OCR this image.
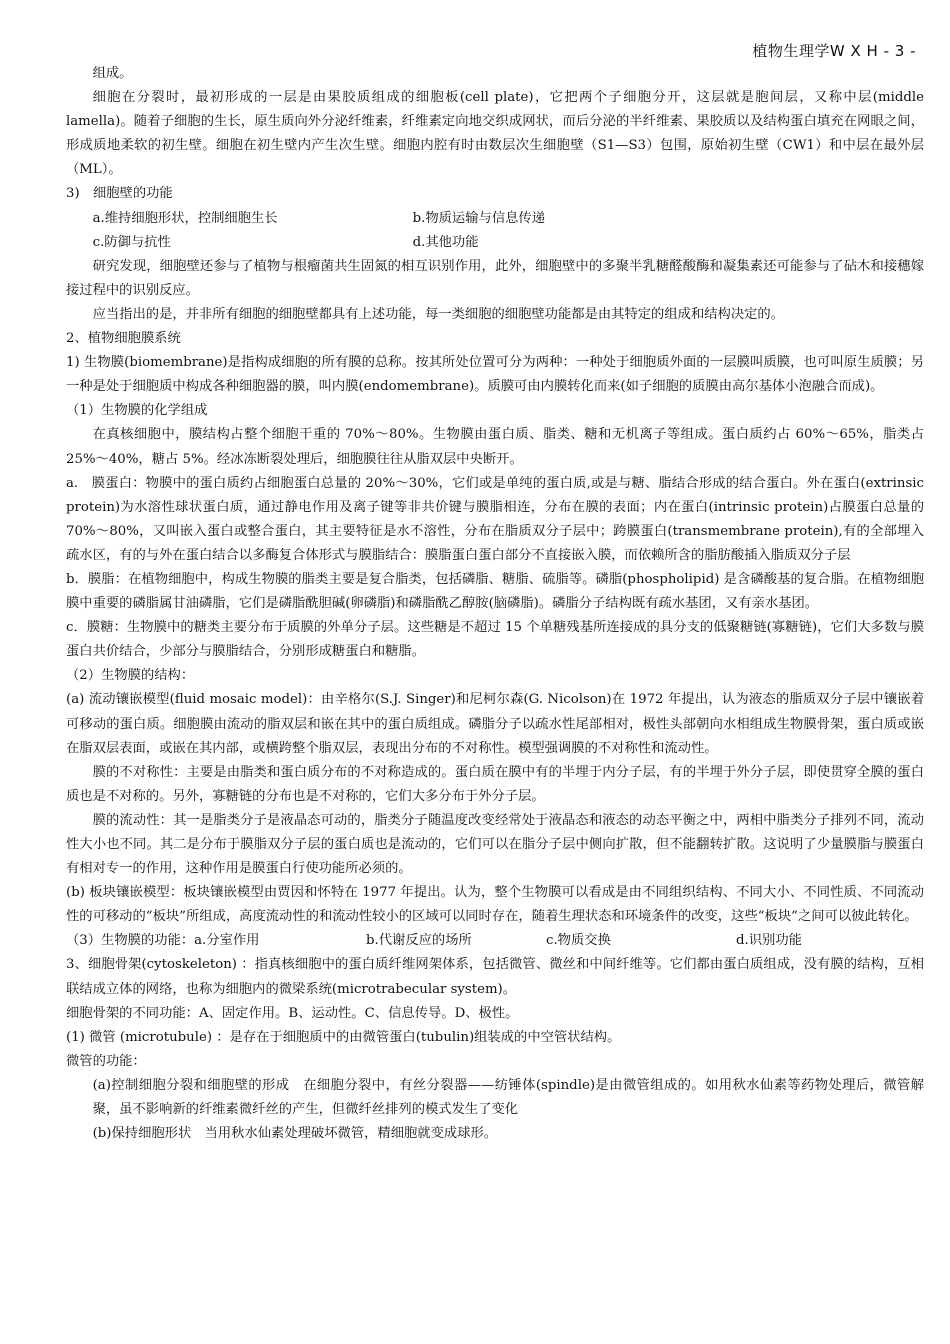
植物生理学W X H - 3 -

组成。

细胞在分裂时，最初形成的一层是由果胶质组成的细胞板(cell plate)，它把两个子细胞分开，这层就是胞间层，又称中层(middle lamella)。随着子细胞的生长，原生质向外分泌纤维素，纤维素定向地交织成网状，而后分泌的半纤维素、果胶质以及结构蛋白填充在网眼之间，形成质地柔软的初生壁。细胞在初生壁内产生次生壁。细胞内腔有时由数层次生细胞壁（S1—S3）包围，原始初生壁（CW1）和中层在最外层（ML）。

3)　细胞壁的功能

a.维持细胞形状，控制细胞生长	b.物质运输与信息传递
c.防御与抗性	d.其他功能

研究发现，细胞壁还参与了植物与根瘤菌共生固氮的相互识别作用，此外，细胞壁中的多聚半乳糖醛酸酶和凝集素还可能参与了砧木和接穗嫁接过程中的识别反应。

应当指出的是，并非所有细胞的细胞壁都具有上述功能，每一类细胞的细胞壁功能都是由其特定的组成和结构决定的。

2、植物细胞膜系统

1) 生物膜(biomembrane)是指构成细胞的所有膜的总称。按其所处位置可分为两种：一种处于细胞质外面的一层膜叫质膜，也可叫原生质膜；另一种是处于细胞质中构成各种细胞器的膜，叫内膜(endomembrane)。质膜可由内膜转化而来(如子细胞的质膜由高尔基体小泡融合而成)。

（1）生物膜的化学组成

在真核细胞中，膜结构占整个细胞干重的 70%～80%。生物膜由蛋白质、脂类、糖和无机离子等组成。蛋白质约占 60%～65%，脂类占 25%～40%，糖占 5%。经冰冻断裂处理后，细胞膜往往从脂双层中央断开。

a.　膜蛋白：物膜中的蛋白质约占细胞蛋白总量的 20%～30%，它们或是单纯的蛋白质,或是与糖、脂结合形成的结合蛋白。外在蛋白(extrinsic protein)为水溶性球状蛋白质，通过静电作用及离子键等非共价键与膜脂相连，分布在膜的表面；内在蛋白(intrinsic protein)占膜蛋白总量的 70%～80%，又叫嵌入蛋白或整合蛋白，其主要特征是水不溶性，分布在脂质双分子层中；跨膜蛋白(transmembrane protein),有的全部埋入疏水区，有的与外在蛋白结合以多酶复合体形式与膜脂结合：膜脂蛋白蛋白部分不直接嵌入膜，而依赖所含的脂肪酸插入脂质双分子层

b．膜脂：在植物细胞中，构成生物膜的脂类主要是复合脂类，包括磷脂、糖脂、硫脂等。磷脂(phospholipid) 是含磷酸基的复合脂。在植物细胞膜中重要的磷脂属甘油磷脂，它们是磷脂酰胆碱(卵磷脂)和磷脂酰乙醇胺(脑磷脂)。磷脂分子结构既有疏水基团，又有亲水基团。

c．膜糖：生物膜中的糖类主要分布于质膜的外单分子层。这些糖是不超过 15 个单糖残基所连接成的具分支的低聚糖链(寡糖链)，它们大多数与膜蛋白共价结合，少部分与膜脂结合，分别形成糖蛋白和糖脂。

（2）生物膜的结构：

(a) 流动镶嵌模型(fluid mosaic model)：由辛格尔(S.J. Singer)和尼柯尔森(G. Nicolson)在 1972 年提出，认为液态的脂质双分子层中镶嵌着可移动的蛋白质。细胞膜由流动的脂双层和嵌在其中的蛋白质组成。磷脂分子以疏水性尾部相对，极性头部朝向水相组成生物膜骨架，蛋白质或嵌在脂双层表面，或嵌在其内部，或横跨整个脂双层，表现出分布的不对称性。模型强调膜的不对称性和流动性。

膜的不对称性：主要是由脂类和蛋白质分布的不对称造成的。蛋白质在膜中有的半埋于内分子层，有的半埋于外分子层，即使贯穿全膜的蛋白质也是不对称的。另外，寡糖链的分布也是不对称的，它们大多分布于外分子层。

膜的流动性：其一是脂类分子是液晶态可动的，脂类分子随温度改变经常处于液晶态和液态的动态平衡之中，两相中脂类分子排列不同，流动性大小也不同。其二是分布于膜脂双分子层的蛋白质也是流动的，它们可以在脂分子层中侧向扩散，但不能翻转扩散。这说明了少量膜脂与膜蛋白有相对专一的作用，这种作用是膜蛋白行使功能所必须的。

(b) 板块镶嵌模型：板块镶嵌模型由贾因和怀特在 1977 年提出。认为，整个生物膜可以看成是由不同组织结构、不同大小、不同性质、不同流动性的可移动的“板块”所组成，高度流动性的和流动性较小的区域可以同时存在，随着生理状态和环境条件的改变，这些“板块”之间可以彼此转化。

（3）生物膜的功能：a.分室作用	b.代谢反应的场所	c.物质交换	d.识别功能

3、细胞骨架(cytoskeleton) ：指真核细胞中的蛋白质纤维网架体系，包括微管、微丝和中间纤维等。它们都由蛋白质组成，没有膜的结构，互相联结成立体的网络，也称为细胞内的微梁系统(microtrabecular system)。

细胞骨架的不同功能：A、固定作用。B、运动性。C、信息传导。D、极性。

(1) 微管 (microtubule) ：是存在于细胞质中的由微管蛋白(tubulin)组装成的中空管状结构。

微管的功能：

(a)控制细胞分裂和细胞壁的形成　在细胞分裂中，有丝分裂器——纺锤体(spindle)是由微管组成的。如用秋水仙素等药物处理后，微管解聚，虽不影响新的纤维素微纤丝的产生，但微纤丝排列的模式发生了变化

(b)保持细胞形状　当用秋水仙素处理破坏微管，精细胞就变成球形。
